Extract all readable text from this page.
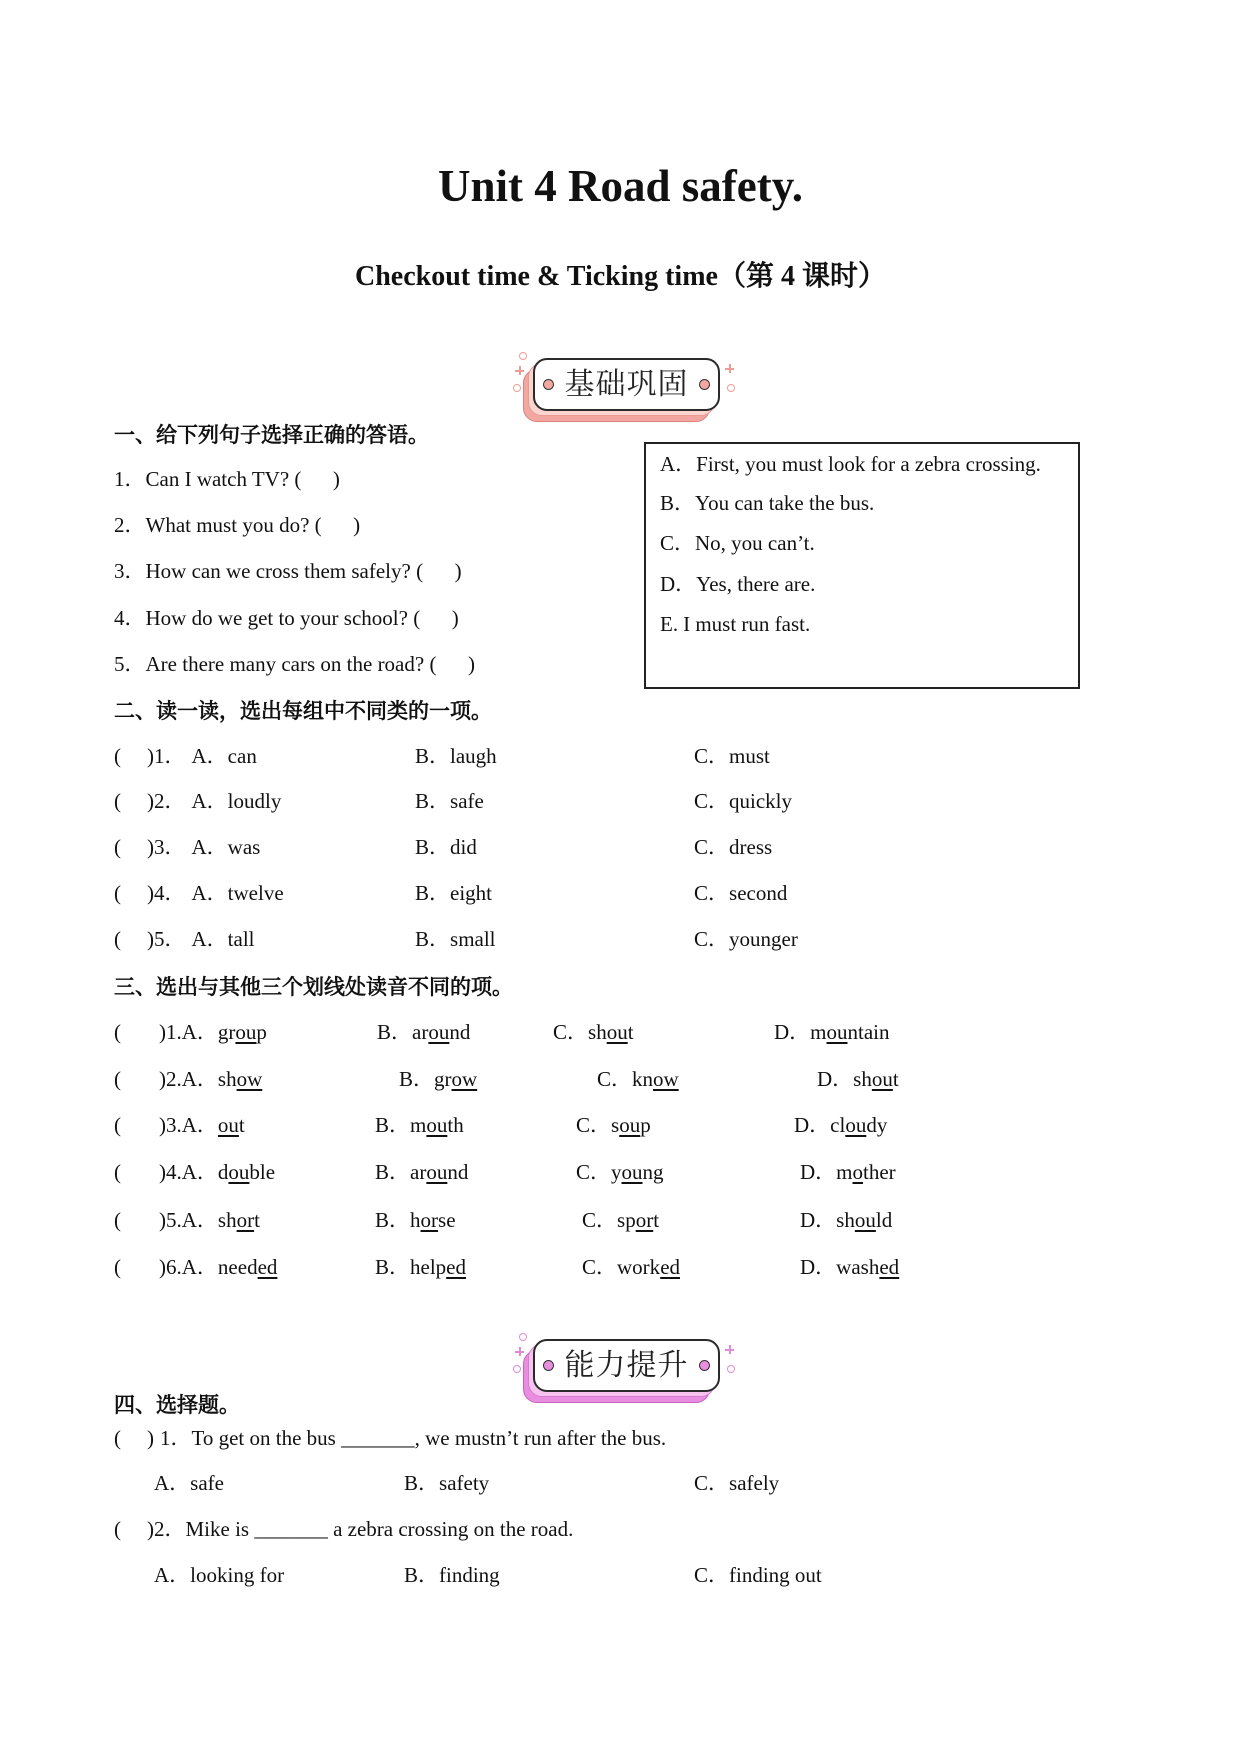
Unit 4 Road safety.
Checkout time & Ticking time（第 4 课时）
基础巩固
一、给下列句子选择正确的答语。
1．Can I watch TV? (      )
2．What must you do? (      )
3．How can we cross them safely? (      )
4．How do we get to your school? (      )
5．Are there many cars on the road? (      )
A．First, you must look for a zebra crossing.
B．You can take the bus.
C．No, you can’t.
D．Yes, there are.
E. I must run fast.
二、读一读，选出每组中不同类的一项。
( )1． A．can	B．laugh	C．must
( )2． A．loudly	B．safe	C．quickly
( )3． A．was	B．did	C．dress
( )4． A．twelve	B．eight	C．second
( )5． A．tall	B．small	C．younger
三、选出与其他三个划线处读音不同的项。
( )1.A．group	B．around	C．shout	D．mountain
( )2.A．show	B．grow	C．know	D．shout
( )3.A．out	B．mouth	C．soup	D．cloudy
( )4.A．double	B．around	C．young	D．mother
( )5.A．short	B．horse	C．sport	D．should
( )6.A．needed	B．helped	C．worked	D．washed
能力提升
四、选择题。
( ) 1．To get on the bus _______, we mustn’t run after the bus.
A．safe	B．safety	C．safely
( )2．Mike is _______ a zebra crossing on the road.
A．looking for	B．finding	C．finding out
